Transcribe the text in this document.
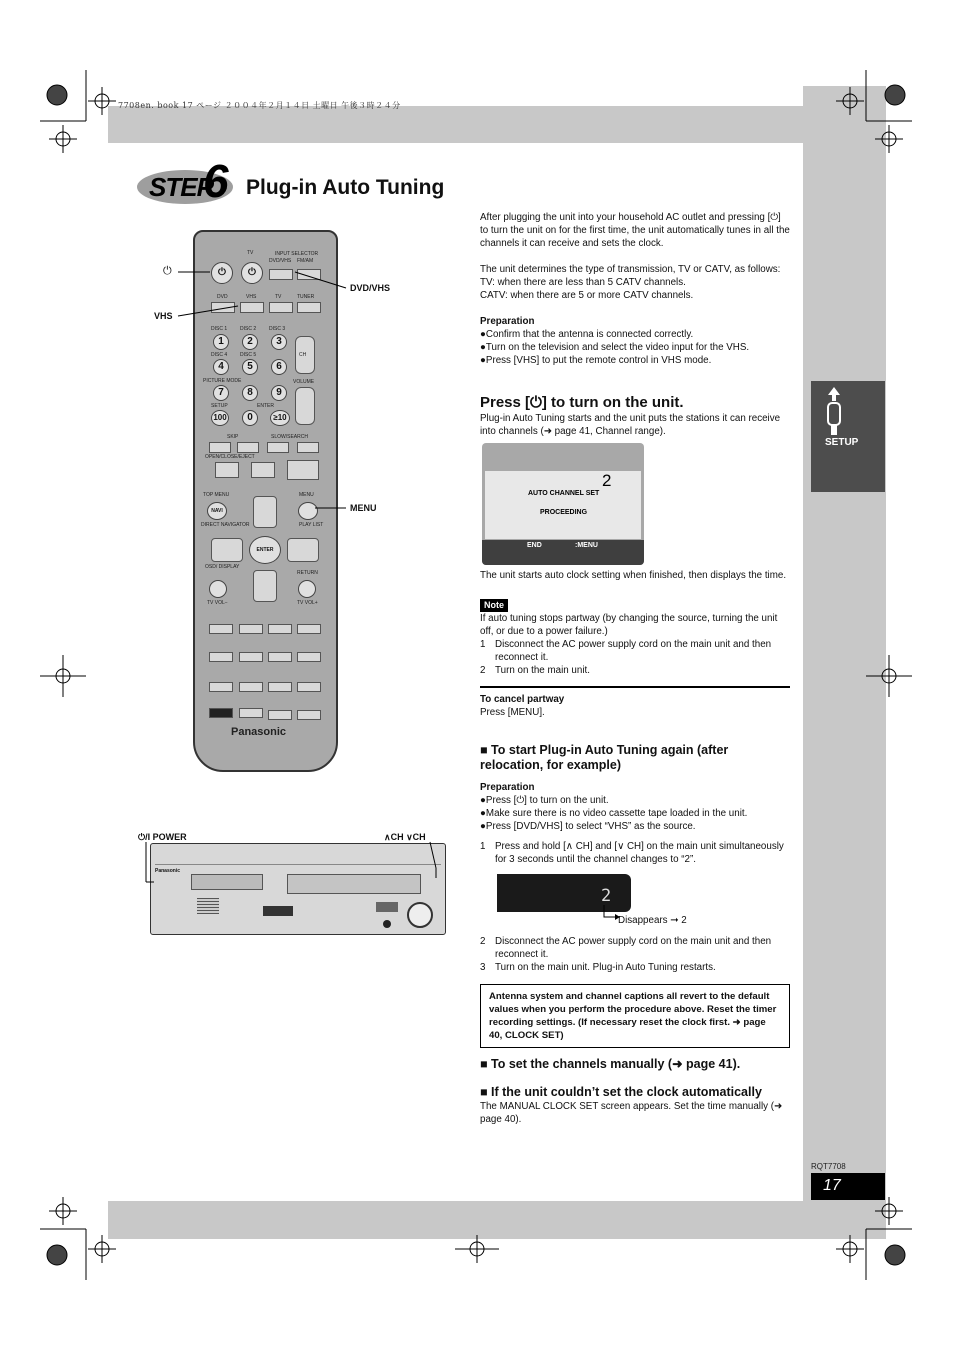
7708en. book 17 ページ ２００４年２月１４日 土曜日 午後３時２４分
STEP
6 Plug-in Auto Tuning
SETUP
RQT7708
17

After plugging the unit into your household AC outlet and pressing [⏻] to turn the unit on for the first time, the unit automatically tunes in all the channels it can receive and sets the clock.

The unit determines the type of transmission, TV or CATV, as follows:

TV: when there are less than 5 CATV channels.

CATV: when there are 5 or more CATV channels.

Preparation

●Confirm that the antenna is connected correctly.

●Turn on the television and select the video input for the VHS.

●Press [VHS] to put the remote control in VHS mode.

Press [⏻] to turn on the unit.

Plug-in Auto Tuning starts and the unit puts the stations it can receive into channels (➜ page 41, Channel range).

2
AUTO CHANNEL SET
PROCEEDING
END	:MENU

The unit starts auto clock setting when finished, then displays the time.

Note

If auto tuning stops partway (by changing the source, turning the unit off, or due to a power failure.)

1 Disconnect the AC power supply cord on the main unit and then reconnect it.
2 Turn on the main unit.

To cancel partway

Press [MENU].

■ To start Plug-in Auto Tuning again (after relocation, for example)

Preparation

●Press [⏻] to turn on the unit.

●Make sure there is no video cassette tape loaded in the unit.

●Press [DVD/VHS] to select “VHS” as the source.

1 Press and hold [∧ CH] and [∨ CH] on the main unit simultaneously for 3 seconds until the channel changes to “2”.
2
Disappears ➞ 2
2 Disconnect the AC power supply cord on the main unit and then reconnect it.
3 Turn on the main unit. Plug-in Auto Tuning restarts.
Antenna system and channel captions all revert to the default values when you perform the procedure above. Reset the timer recording settings. (If necessary reset the clock first. ➜ page 40, CLOCK SET)

■ To set the channels manually (➜ page 41).

■ If the unit couldn’t set the clock automatically

The MANUAL CLOCK SET screen appears. Set the time manually (➜ page 40).

TV	INPUT SELECTOR
⏻	⏻
DVD/VHS FM/AM
DVD	VHS	TV	TUNER
DISC 1	DISC 2	DISC 3
1	2	3
CH
DISC 4	DISC 5
4	5	6
PICTURE MODE	VOLUME
7	8	9
SETUP	ENTER
100	0	≥10
SKIP	SLOW/SEARCH
OPEN/CLOSE/EJECT
TOP MENU	MENU
NAVI
DIRECT NAVIGATOR	PLAY LIST
ENTER
OSD/ DISPLAY
RETURN
TV VOL−	TV VOL+
Panasonic
⏻
VHS
DVD/VHS
MENU
⏻/I POWER	∧CH ∨CH
Panasonic
